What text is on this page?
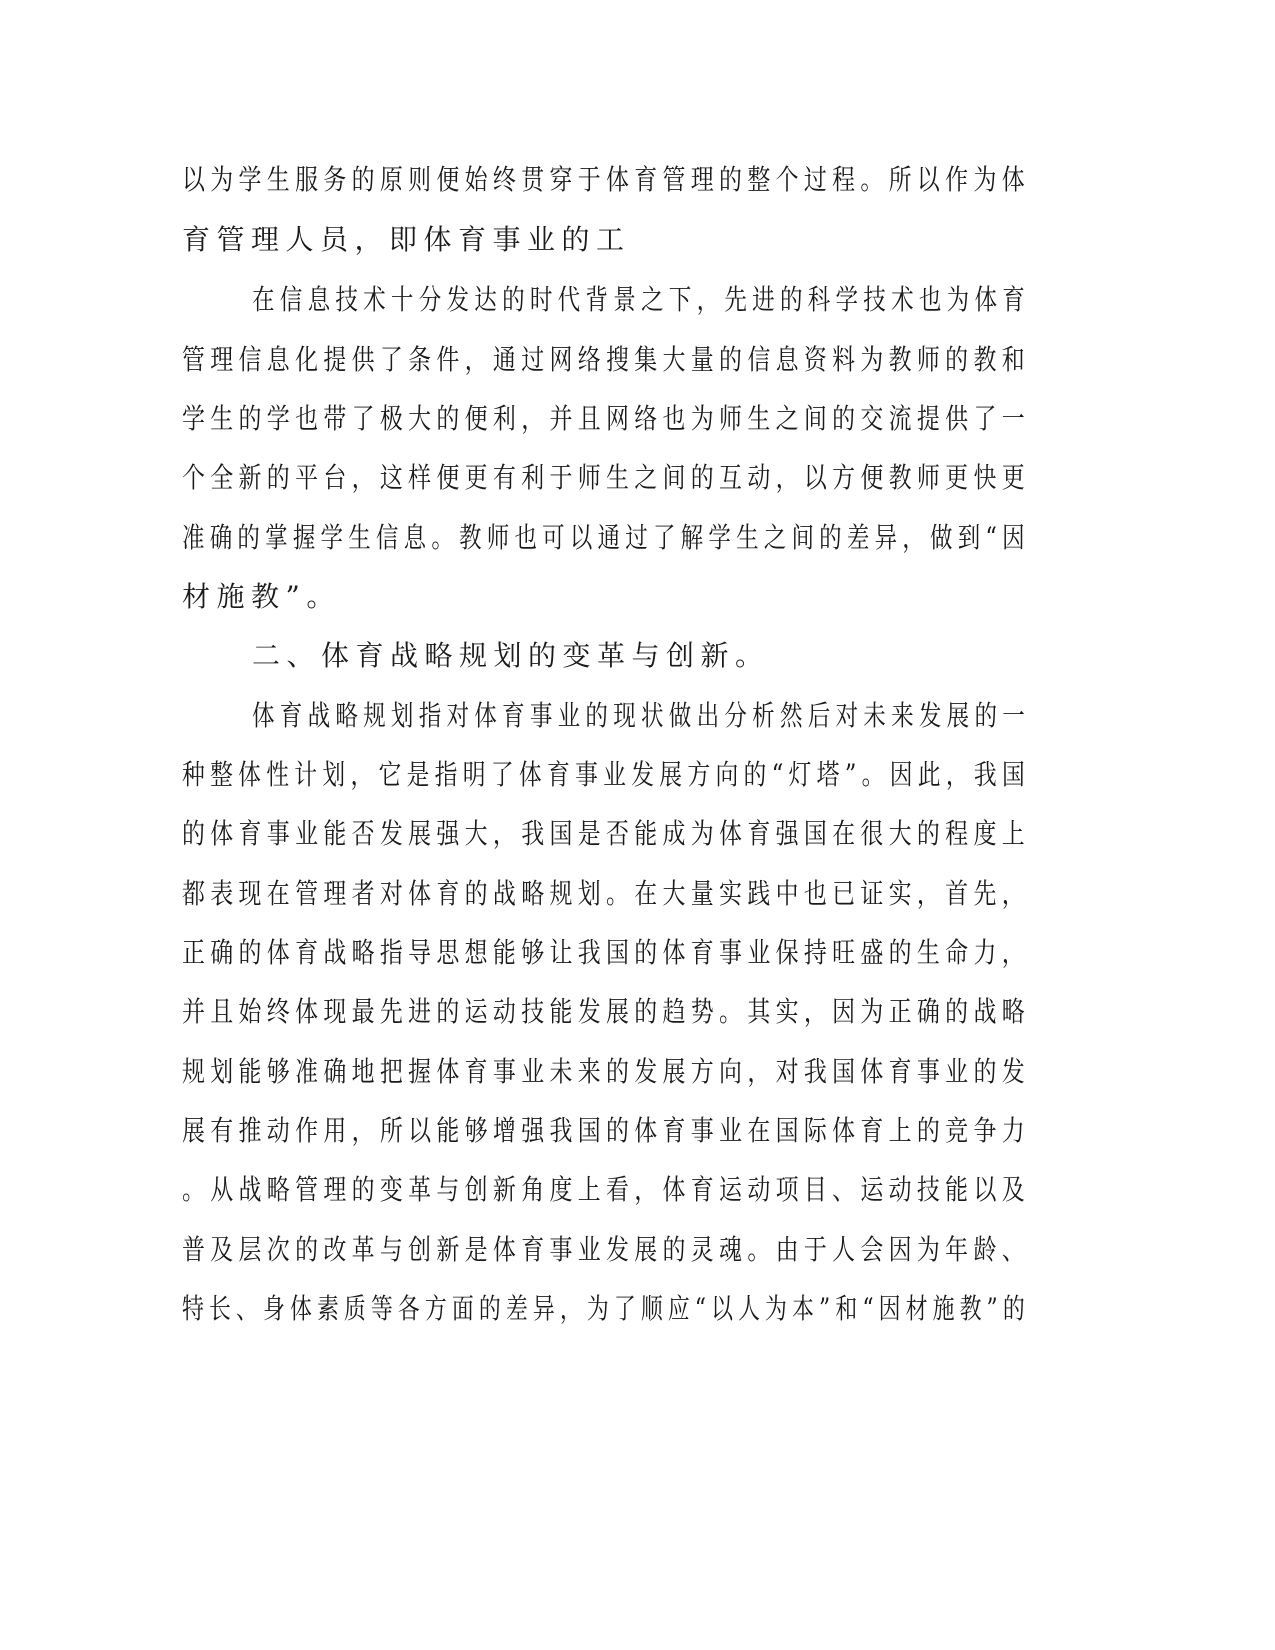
以为学生服务的原则便始终贯穿于体育管理的整个过程。所以作为体
育管理人员，即体育事业的工
在信息技术十分发达的时代背景之下，先进的科学技术也为体育
管理信息化提供了条件，通过网络搜集大量的信息资料为教师的教和
学生的学也带了极大的便利，并且网络也为师生之间的交流提供了一
个全新的平台，这样便更有利于师生之间的互动，以方便教师更快更
准确的掌握学生信息。教师也可以通过了解学生之间的差异，做到“因
材施教”。
二、体育战略规划的变革与创新。
体育战略规划指对体育事业的现状做出分析然后对未来发展的一
种整体性计划，它是指明了体育事业发展方向的“灯塔”。因此，我国
的体育事业能否发展强大，我国是否能成为体育强国在很大的程度上
都表现在管理者对体育的战略规划。在大量实践中也已证实，首先，
正确的体育战略指导思想能够让我国的体育事业保持旺盛的生命力，
并且始终体现最先进的运动技能发展的趋势。其实，因为正确的战略
规划能够准确地把握体育事业未来的发展方向，对我国体育事业的发
展有推动作用，所以能够增强我国的体育事业在国际体育上的竞争力
。从战略管理的变革与创新角度上看，体育运动项目、运动技能以及
普及层次的改革与创新是体育事业发展的灵魂。由于人会因为年龄、
特长、身体素质等各方面的差异，为了顺应“以人为本”和“因材施教”的
